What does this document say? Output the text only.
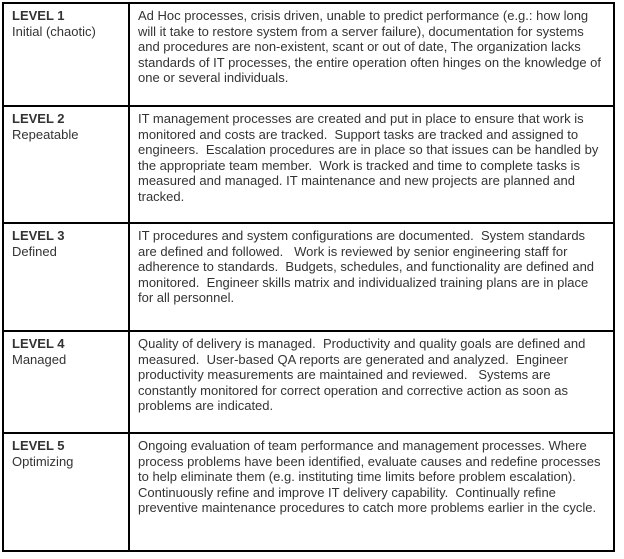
LEVEL 1
Initial (chaotic)	Ad Hoc processes, crisis driven, unable to predict performance (e.g.: how long will it take to restore system from a server failure), documentation for systems and procedures are non-existent, scant or out of date, The organization lacks standards of IT processes, the entire operation often hinges on the knowledge of one or several individuals.

LEVEL 2
Repeatable	IT management processes are created and put in place to ensure that work is monitored and costs are tracked.  Support tasks are tracked and assigned to engineers.  Escalation procedures are in place so that issues can be handled by the appropriate team member.  Work is tracked and time to complete tasks is measured and managed. IT maintenance and new projects are planned and tracked.

LEVEL 3
Defined	IT procedures and system configurations are documented.  System standards are defined and followed.   Work is reviewed by senior engineering staff for adherence to standards.  Budgets, schedules, and functionality are defined and monitored.  Engineer skills matrix and individualized training plans are in place for all personnel.

LEVEL 4
Managed	Quality of delivery is managed.  Productivity and quality goals are defined and measured.  User-based QA reports are generated and analyzed.  Engineer productivity measurements are maintained and reviewed.   Systems are constantly monitored for correct operation and corrective action as soon as problems are indicated.

LEVEL 5
Optimizing	Ongoing evaluation of team performance and management processes. Where process problems have been identified, evaluate causes and redefine processes to help eliminate them (e.g. instituting time limits before problem escalation).  Continuously refine and improve IT delivery capability.  Continually refine preventive maintenance procedures to catch more problems earlier in the cycle.
